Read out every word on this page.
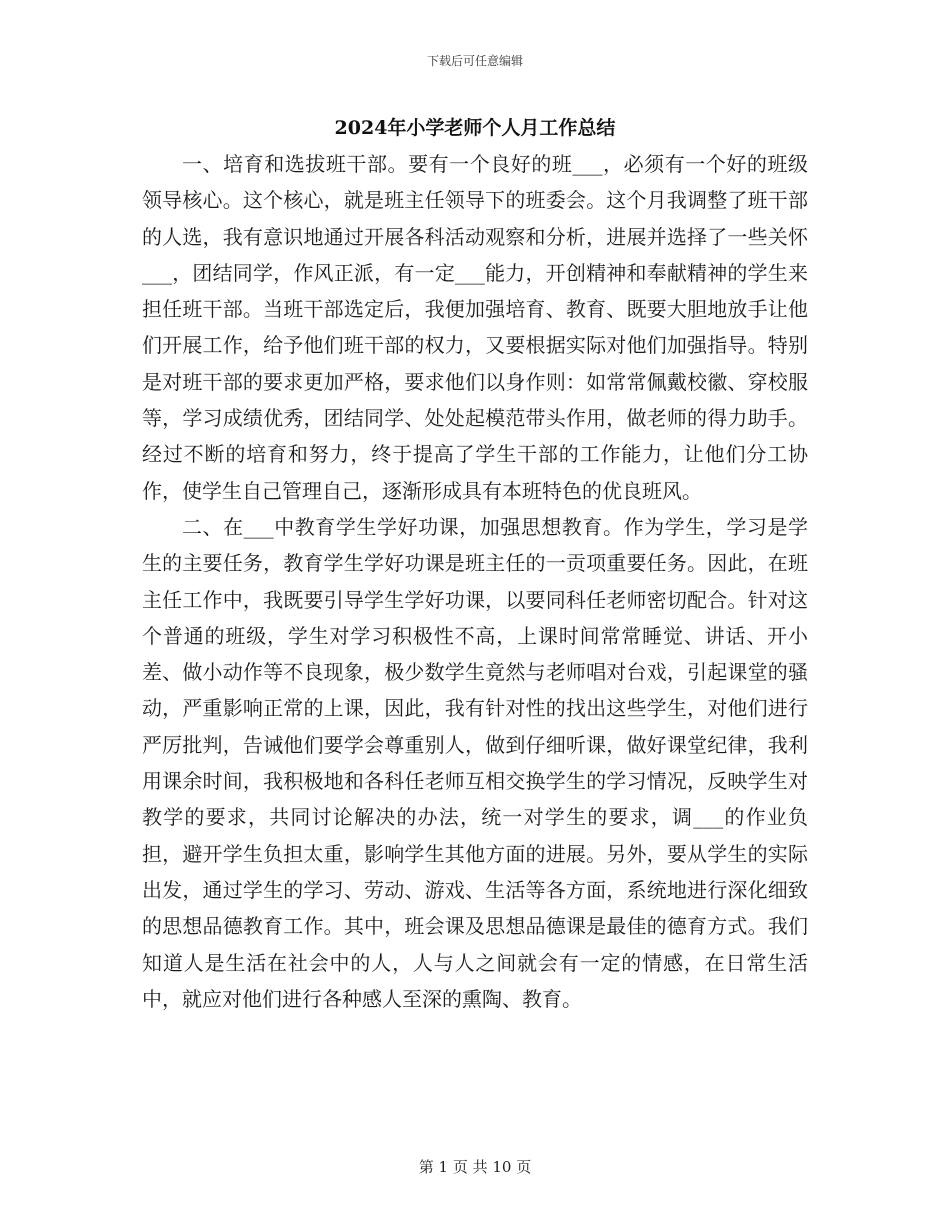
下载后可任意编辑
2024年小学老师个人月工作总结

一、培育和选拔班干部。要有一个良好的班___，必须有一个好的班级领导核心。这个核心，就是班主任领导下的班委会。这个月我调整了班干部的人选，我有意识地通过开展各科活动观察和分析，进展并选择了一些关怀___，团结同学，作风正派，有一定___能力，开创精神和奉献精神的学生来担任班干部。当班干部选定后，我便加强培育、教育、既要大胆地放手让他们开展工作，给予他们班干部的权力，又要根据实际对他们加强指导。特别是对班干部的要求更加严格，要求他们以身作则：如常常佩戴校徽、穿校服等，学习成绩优秀，团结同学、处处起模范带头作用，做老师的得力助手。经过不断的培育和努力，终于提高了学生干部的工作能力，让他们分工协作，使学生自己管理自己，逐渐形成具有本班特色的优良班风。

二、在___中教育学生学好功课，加强思想教育。作为学生，学习是学生的主要任务，教育学生学好功课是班主任的一贡项重要任务。因此，在班主任工作中，我既要引导学生学好功课，以要同科任老师密切配合。针对这个普通的班级，学生对学习积极性不高，上课时间常常睡觉、讲话、开小差、做小动作等不良现象，极少数学生竟然与老师唱对台戏，引起课堂的骚动，严重影响正常的上课，因此，我有针对性的找出这些学生，对他们进行严厉批判，告诫他们要学会尊重别人，做到仔细听课，做好课堂纪律，我利用课余时间，我积极地和各科任老师互相交换学生的学习情况，反映学生对教学的要求，共同讨论解决的办法，统一对学生的要求，调___的作业负担，避开学生负担太重，影响学生其他方面的进展。另外，要从学生的实际出发，通过学生的学习、劳动、游戏、生活等各方面，系统地进行深化细致的思想品德教育工作。其中，班会课及思想品德课是最佳的德育方式。我们知道人是生活在社会中的人，人与人之间就会有一定的情感，在日常生活中，就应对他们进行各种感人至深的熏陶、教育。

第 1 页 共 10 页
